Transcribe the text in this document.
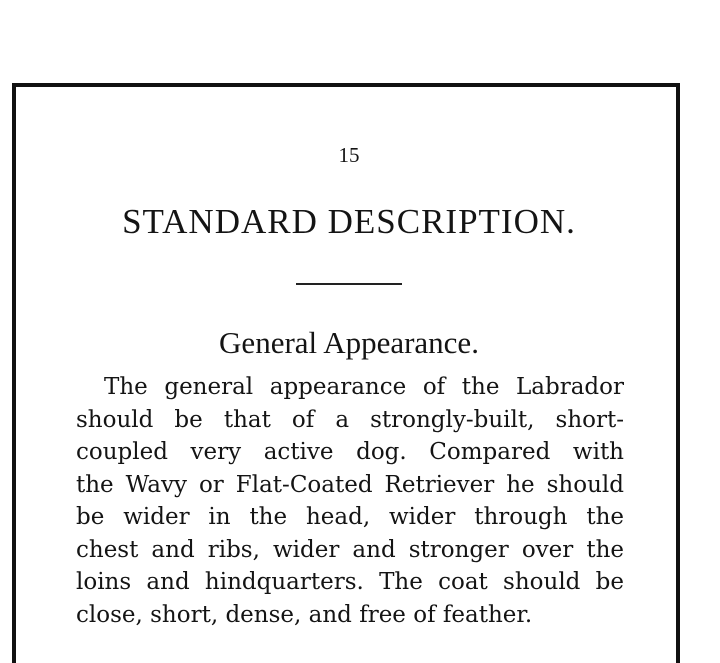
15
STANDARD DESCRIPTION.
General Appearance.
The general appearance of the Labrador
should be that of a strongly-built, short-
coupled very active dog. Compared with
the Wavy or Flat-Coated Retriever he should
be wider in the head, wider through the
chest and ribs, wider and stronger over the
loins and hindquarters. The coat should be
close, short, dense, and free of feather.
